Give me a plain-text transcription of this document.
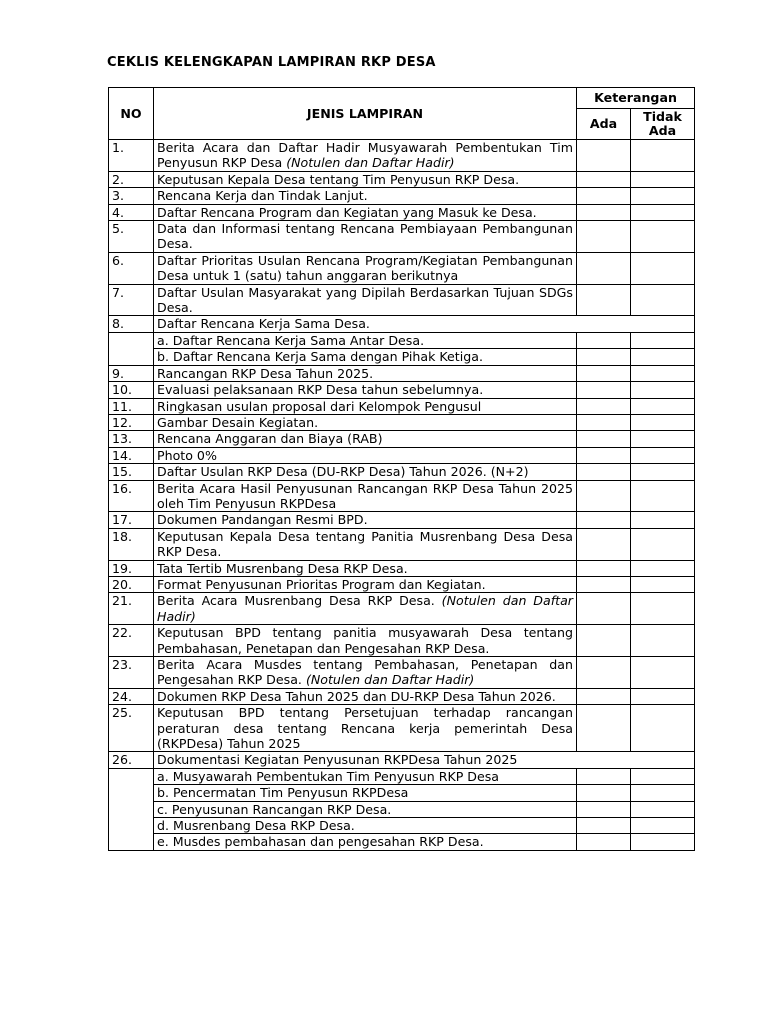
CEKLIS KELENGKAPAN LAMPIRAN RKP DESA
NO	JENIS LAMPIRAN	Keterangan	
		Ada	Tidak Ada
1.	Berita Acara dan Daftar Hadir Musyawarah Pembentukan Tim Penyusun RKP Desa (Notulen dan Daftar Hadir)		
2.	Keputusan Kepala Desa tentang Tim Penyusun RKP Desa.		
3.	Rencana Kerja dan Tindak Lanjut.		
4.	Daftar Rencana Program dan Kegiatan yang Masuk ke Desa.		
5.	Data dan Informasi tentang Rencana Pembiayaan Pembangunan Desa.		
6.	Daftar Prioritas Usulan Rencana Program/Kegiatan Pembangunan Desa untuk 1 (satu) tahun anggaran berikutnya		
7.	Daftar Usulan Masyarakat yang Dipilah Berdasarkan Tujuan SDGs Desa.		
8.	Daftar Rencana Kerja Sama Desa.		

	a. Daftar Rencana Kerja Sama Antar Desa.		

	b. Daftar Rencana Kerja Sama dengan Pihak Ketiga.		

9.	Rancangan RKP Desa Tahun 2025.		
10.	Evaluasi pelaksanaan RKP Desa tahun sebelumnya.		
11.	Ringkasan usulan proposal dari Kelompok Pengusul		
12.	Gambar Desain Kegiatan.		
13.	Rencana Anggaran dan Biaya (RAB)		
14.	Photo 0%		
15.	Daftar Usulan RKP Desa (DU-RKP Desa) Tahun 2026. (N+2)		
16.	Berita Acara Hasil Penyusunan Rancangan RKP Desa Tahun 2025 oleh Tim Penyusun RKPDesa		
17.	Dokumen Pandangan Resmi BPD.		
18.	Keputusan Kepala Desa tentang Panitia Musrenbang Desa Desa RKP Desa.		
19.	Tata Tertib Musrenbang Desa RKP Desa.		
20.	Format Penyusunan Prioritas Program dan Kegiatan.		
21.	Berita Acara Musrenbang Desa RKP Desa. (Notulen dan Daftar Hadir)		
22.	Keputusan BPD tentang panitia musyawarah Desa tentang Pembahasan, Penetapan dan Pengesahan RKP Desa.		
23.	Berita Acara Musdes tentang Pembahasan, Penetapan dan Pengesahan RKP Desa. (Notulen dan Daftar Hadir)		
24.	Dokumen RKP Desa Tahun 2025 dan DU-RKP Desa Tahun 2026.		
25.	Keputusan BPD tentang Persetujuan terhadap rancangan peraturan desa tentang Rencana kerja pemerintah Desa (RKPDesa) Tahun 2025		
26.	Dokumentasi Kegiatan Penyusunan RKPDesa Tahun 2025		

	a. Musyawarah Pembentukan Tim Penyusun RKP Desa		

	b. Pencermatan Tim Penyusun RKPDesa		

	c. Penyusunan Rancangan RKP Desa.		

	d. Musrenbang Desa RKP Desa.		

	e. Musdes pembahasan dan pengesahan RKP Desa.		
